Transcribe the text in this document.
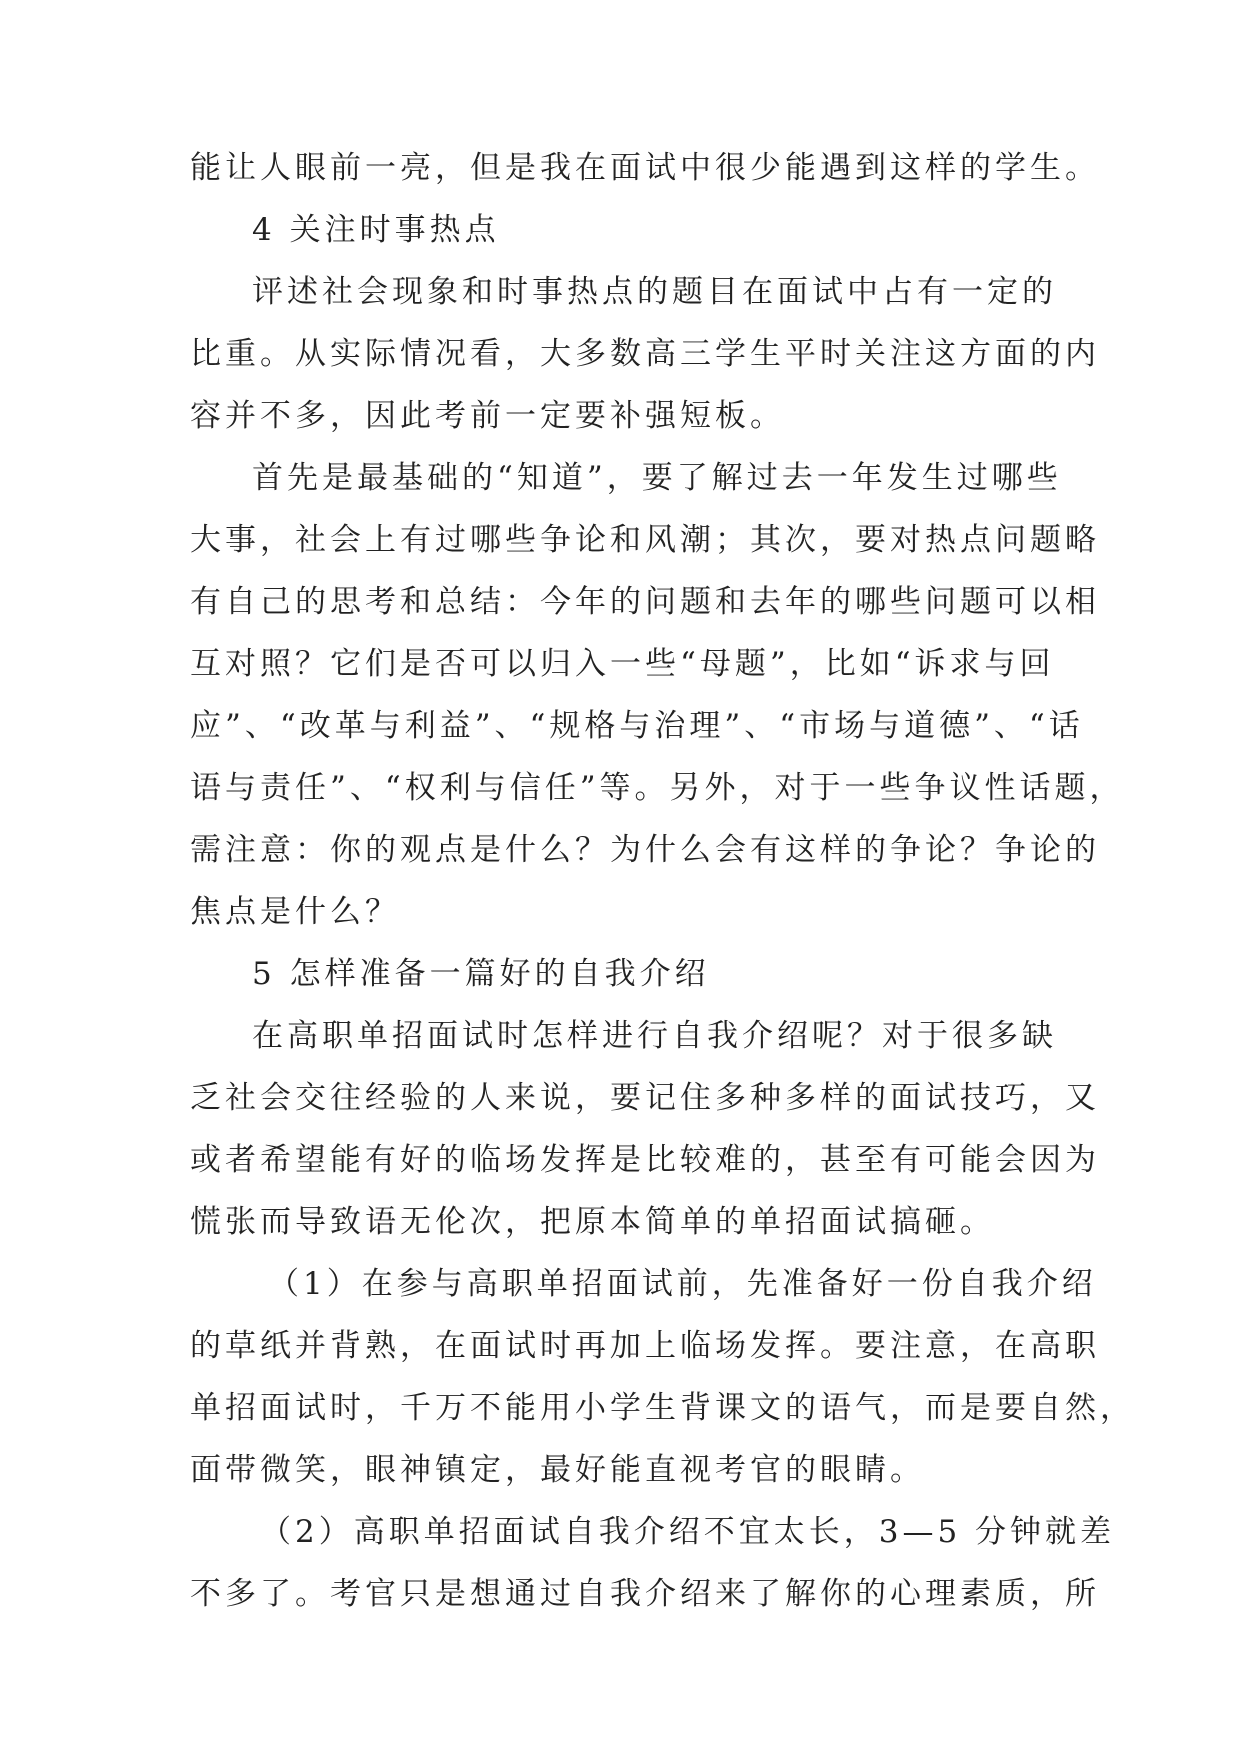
能让人眼前一亮，但是我在面试中很少能遇到这样的学生。
4 关注时事热点
评述社会现象和时事热点的题目在面试中占有一定的
比重。从实际情况看，大多数高三学生平时关注这方面的内
容并不多，因此考前一定要补强短板。
首先是最基础的“知道”，要了解过去一年发生过哪些
大事，社会上有过哪些争论和风潮；其次，要对热点问题略
有自己的思考和总结：今年的问题和去年的哪些问题可以相
互对照？它们是否可以归入一些“母题”，比如“诉求与回
应”、“改革与利益”、“规格与治理”、“市场与道德”、“话
语与责任”、“权利与信任”等。另外，对于一些争议性话题，
需注意：你的观点是什么？为什么会有这样的争论？争论的
焦点是什么？
5 怎样准备一篇好的自我介绍
在高职单招面试时怎样进行自我介绍呢？对于很多缺
乏社会交往经验的人来说，要记住多种多样的面试技巧，又
或者希望能有好的临场发挥是比较难的，甚至有可能会因为
慌张而导致语无伦次，把原本简单的单招面试搞砸。
（1）在参与高职单招面试前，先准备好一份自我介绍
的草纸并背熟，在面试时再加上临场发挥。要注意，在高职
单招面试时，千万不能用小学生背课文的语气，而是要自然，
面带微笑，眼神镇定，最好能直视考官的眼睛。
（2）高职单招面试自我介绍不宜太长，3—5 分钟就差
不多了。考官只是想通过自我介绍来了解你的心理素质，所
